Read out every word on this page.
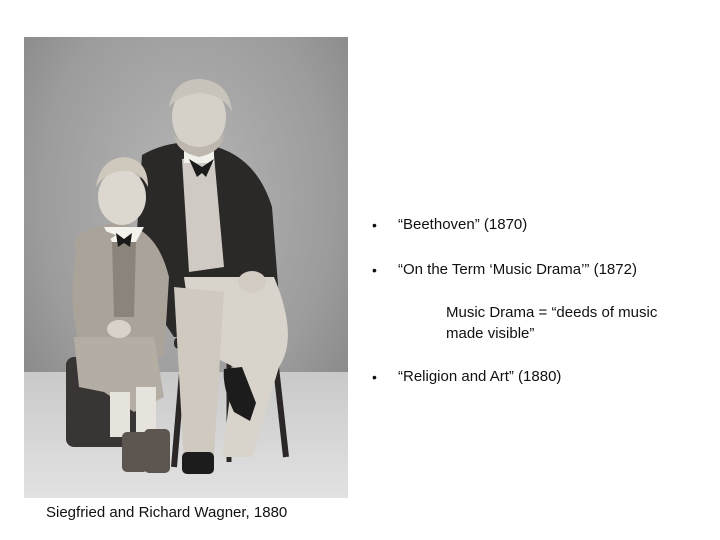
Siegfried and Richard Wagner, 1880
•	“Beethoven” (1870)
•	“On the Term ‘Music Drama’” (1872)
Music Drama = “deeds of music
made visible”
•	“Religion and Art” (1880)
